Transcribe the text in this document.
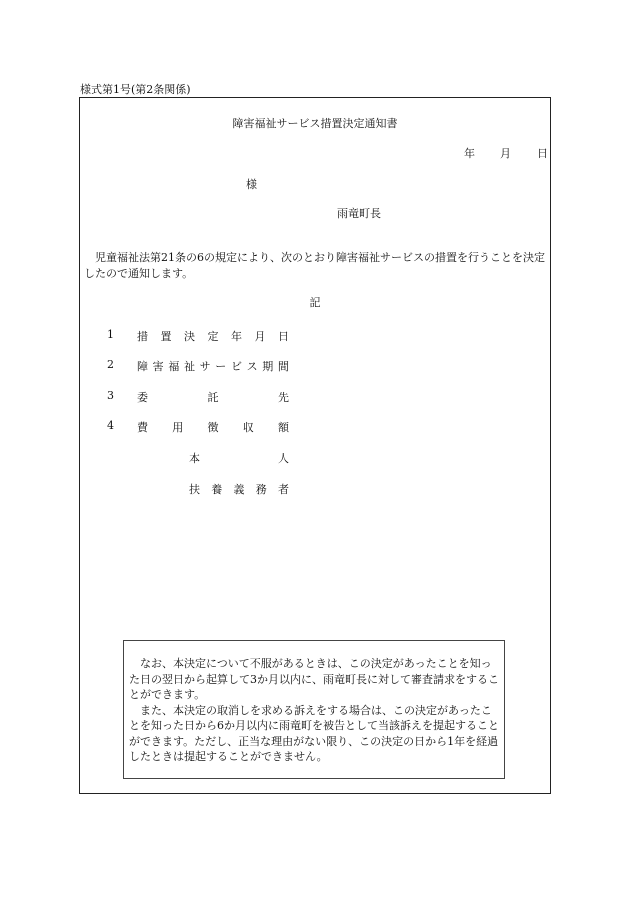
様式第1号(第2条関係)
障害福祉サービス措置決定通知書
年 月 日
様
雨竜町長

児童福祉法第21条の6の規定により、次のとおり障害福祉サービスの措置を行うことを決定したので通知します。

記
1	措 置 決 定 年 月 日
2	障 害 福 祉 サ ー ビ ス 期 間
3	委	託	先
4	費 用 徴 収 額
本	人
扶 養 義 務 者

なお、本決定について不服があるときは、この決定があったことを知った日の翌日から起算して3か月以内に、雨竜町長に対して審査請求をすることができます。

また、本決定の取消しを求める訴えをする場合は、この決定があったことを知った日から6か月以内に雨竜町を被告として当該訴えを提起することができます。ただし、正当な理由がない限り、この決定の日から1年を経過したときは提起することができません。
